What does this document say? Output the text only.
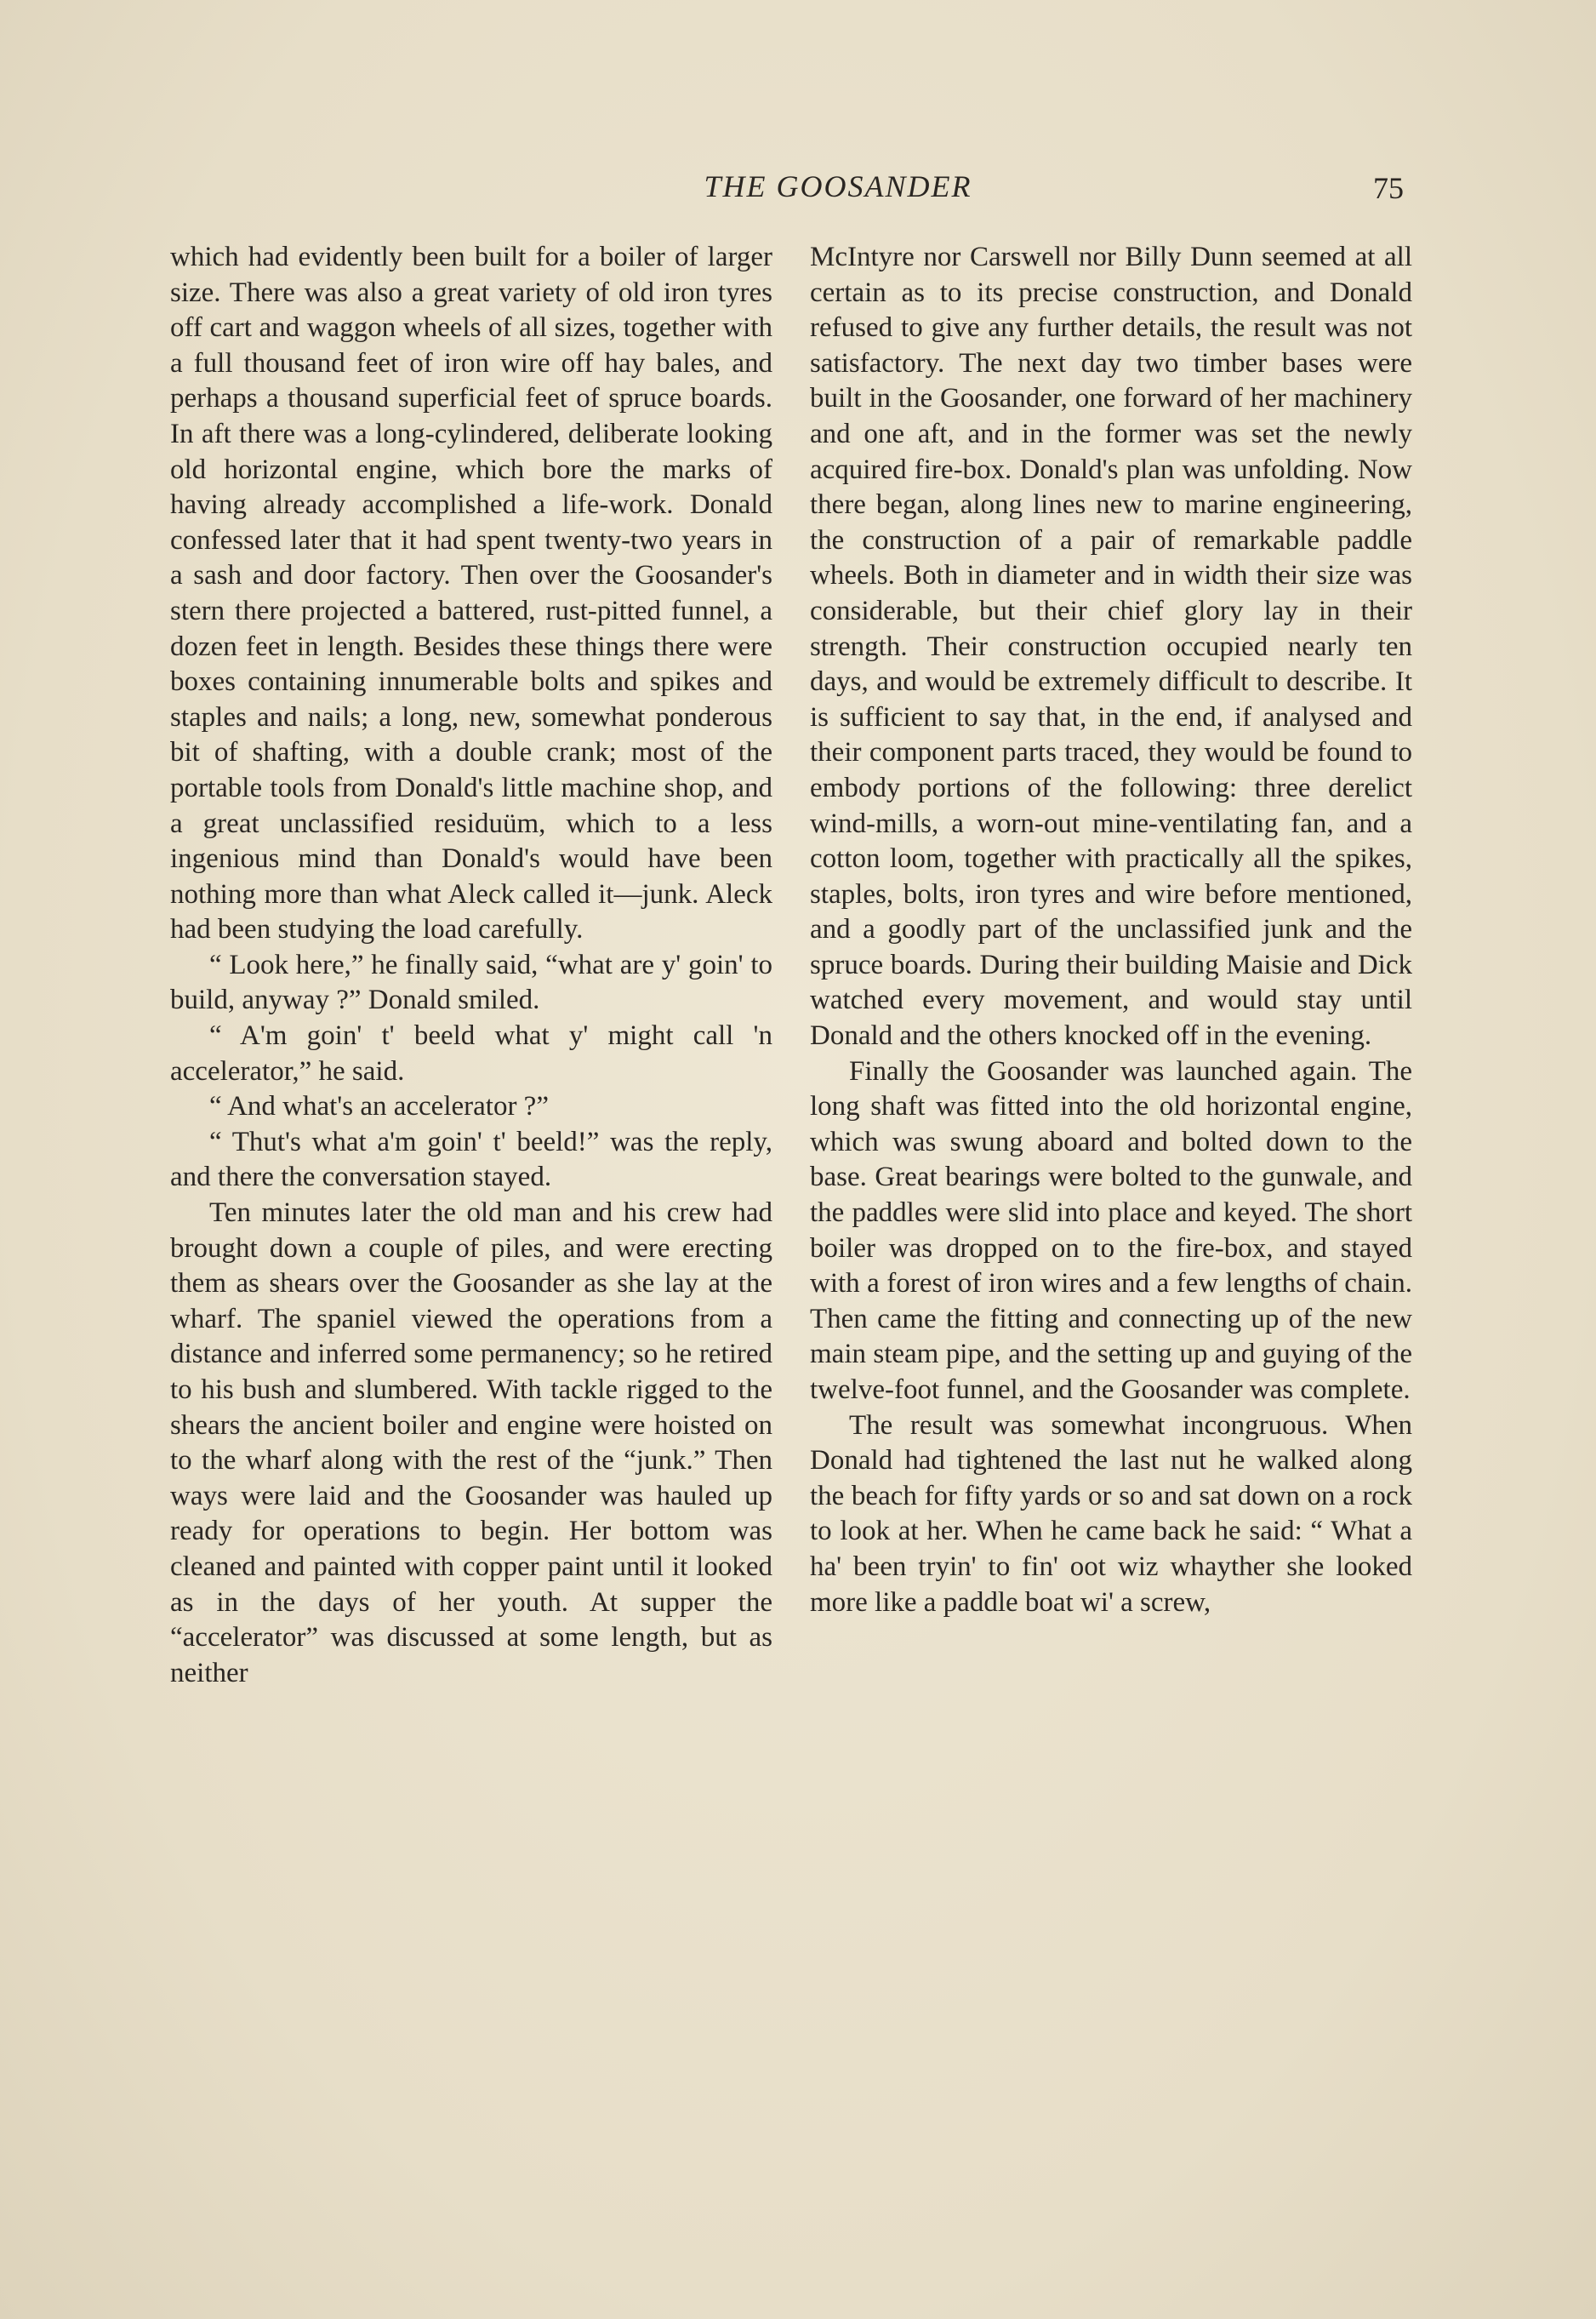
THE GOOSANDER	75

which had evidently been built for a boiler of larger size. There was also a great variety of old iron tyres off cart and waggon wheels of all sizes, together with a full thousand feet of iron wire off hay bales, and perhaps a thousand superficial feet of spruce boards. In aft there was a long-cylindered, deliberate looking old horizontal engine, which bore the marks of having already accomplished a life-work. Donald confessed later that it had spent twenty-two years in a sash and door factory. Then over the Goosander's stern there projected a battered, rust-pitted funnel, a dozen feet in length. Besides these things there were boxes containing innumerable bolts and spikes and staples and nails; a long, new, somewhat ponderous bit of shafting, with a double crank; most of the portable tools from Donald's little machine shop, and a great unclassified residuüm, which to a less ingenious mind than Donald's would have been nothing more than what Aleck called it—junk. Aleck had been studying the load carefully.

“ Look here,” he finally said, “what are y' goin' to build, anyway ?” Donald smiled.

“ A'm goin' t' beeld what y' might call 'n accelerator,” he said.

“ And what's an accelerator ?”

“ Thut's what a'm goin' t' beeld!” was the reply, and there the conversation stayed.

Ten minutes later the old man and his crew had brought down a couple of piles, and were erecting them as shears over the Goosander as she lay at the wharf. The spaniel viewed the operations from a distance and inferred some permanency; so he retired to his bush and slumbered. With tackle rigged to the shears the ancient boiler and engine were hoisted on to the wharf along with the rest of the “junk.” Then ways were laid and the Goosander was hauled up ready for operations to begin. Her bottom was cleaned and painted with copper paint until it looked as in the days of her youth. At supper the “accelerator” was discussed at some length, but as neither

McIntyre nor Carswell nor Billy Dunn seemed at all certain as to its precise construction, and Donald refused to give any further details, the result was not satisfactory. The next day two timber bases were built in the Goosander, one forward of her machinery and one aft, and in the former was set the newly acquired fire-box. Donald's plan was unfolding. Now there began, along lines new to marine engineering, the construction of a pair of remarkable paddle wheels. Both in diameter and in width their size was considerable, but their chief glory lay in their strength. Their construction occupied nearly ten days, and would be extremely difficult to describe. It is sufficient to say that, in the end, if analysed and their component parts traced, they would be found to embody portions of the following: three derelict wind-mills, a worn-out mine-ventilating fan, and a cotton loom, together with practically all the spikes, staples, bolts, iron tyres and wire before mentioned, and a goodly part of the unclassified junk and the spruce boards. During their building Maisie and Dick watched every movement, and would stay until Donald and the others knocked off in the evening.

Finally the Goosander was launched again. The long shaft was fitted into the old horizontal engine, which was swung aboard and bolted down to the base. Great bearings were bolted to the gunwale, and the paddles were slid into place and keyed. The short boiler was dropped on to the fire-box, and stayed with a forest of iron wires and a few lengths of chain. Then came the fitting and connecting up of the new main steam pipe, and the setting up and guying of the twelve-foot funnel, and the Goosander was complete.

The result was somewhat incongruous. When Donald had tightened the last nut he walked along the beach for fifty yards or so and sat down on a rock to look at her. When he came back he said: “ What a ha' been tryin' to fin' oot wiz whayther she looked more like a paddle boat wi' a screw,
